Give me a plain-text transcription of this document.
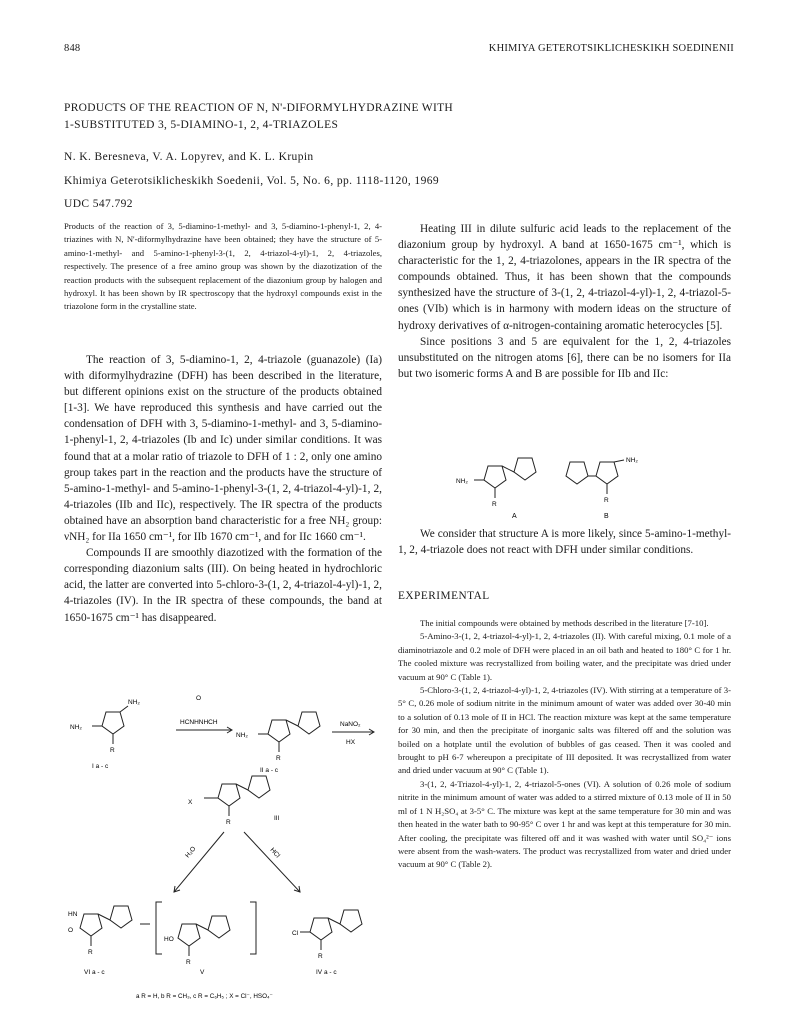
848	KHIMIYA GETEROTSIKLICHESKIKH SOEDINENII
PRODUCTS OF THE REACTION OF N, N'-DIFORMYLHYDRAZINE WITH
1-SUBSTITUTED 3, 5-DIAMINO-1, 2, 4-TRIAZOLES
N. K. Beresneva, V. A. Lopyrev, and K. L. Krupin
Khimiya Geterotsiklicheskikh Soedenii, Vol. 5, No. 6, pp. 1118-1120, 1969
UDC 547.792
Products of the reaction of 3, 5-diamino-1-methyl- and 3, 5-diamino-1-phenyl-1, 2, 4-triazines with N, N'-diformylhydrazine have been obtained; they have the structure of 5-amino-1-methyl- and 5-amino-1-phenyl-3-(1, 2, 4-triazol-4-yl)-1, 2, 4-triazoles, respectively. The presence of a free amino group was shown by the diazotization of the reaction products with the subsequent replacement of the diazonium group by halogen and hydroxyl. It has been shown by IR spectroscopy that the hydroxyl compounds exist in the triazolone form in the crystalline state.

The reaction of 3, 5-diamino-1, 2, 4-triazole (guanazole) (Ia) with diformylhydrazine (DFH) has been described in the literature, but different opinions exist on the structure of the products obtained [1-3]. We have reproduced this synthesis and have carried out the condensation of DFH with 3, 5-diamino-1-methyl- and 3, 5-diamino-1-phenyl-1, 2, 4-triazoles (Ib and Ic) under similar conditions. It was found that at a molar ratio of triazole to DFH of 1 : 2, only one amino group takes part in the reaction and the products have the structure of 5-amino-1-methyl- and 5-amino-1-phenyl-3-(1, 2, 4-triazol-4-yl)-1, 2, 4-triazoles (IIb and IIc), respectively. The IR spectra of the products obtained have an absorption band characteristic for a free NH₂ group: νNH₂ for IIa 1650 cm⁻¹, for IIb 1670 cm⁻¹, and for IIc 1660 cm⁻¹.

Compounds II are smoothly diazotized with the formation of the corresponding diazonium salts (III). On being heated in hydrochloric acid, the latter are converted into 5-chloro-3-(1, 2, 4-triazol-4-yl)-1, 2, 4-triazoles (IV). In the IR spectra of these compounds, the band at 1650-1675 cm⁻¹ has disappeared.

Heating III in dilute sulfuric acid leads to the replacement of the diazonium group by hydroxyl. A band at 1650-1675 cm⁻¹, which is characteristic for the 1, 2, 4-triazolones, appears in the IR spectra of the compounds obtained. Thus, it has been shown that the compounds synthesized have the structure of 3-(1, 2, 4-triazol-4-yl)-1, 2, 4-triazol-5-ones (VIb) which is in harmony with modern ideas on the structure of hydroxy derivatives of α-nitrogen-containing aromatic heterocycles [5].

Since positions 3 and 5 are equivalent for the 1, 2, 4-triazoles unsubstituted on the nitrogen atoms [6], there can be no isomers for IIa but two isomeric forms A and B are possible for IIb and IIc:

NH₂
R
NH₂
R
A	B

We consider that structure A is more likely, since 5-amino-1-methyl-1, 2, 4-triazole does not react with DFH under similar conditions.

EXPERIMENTAL

The initial compounds were obtained by methods described in the literature [7-10].

5-Amino-3-(1, 2, 4-triazol-4-yl)-1, 2, 4-triazoles (II). With careful mixing, 0.1 mole of a diaminotriazole and 0.2 mole of DFH were placed in an oil bath and heated to 180° C for 1 hr. The cooled mixture was recrystallized from boiling water, and the precipitate was dried under vacuum at 90° C (Table 1).

5-Chloro-3-(1, 2, 4-triazol-4-yl)-1, 2, 4-triazoles (IV). With stirring at a temperature of 3-5° C, 0.26 mole of sodium nitrite in the minimum amount of water was added over 30-40 min to a solution of 0.13 mole of II in HCl. The reaction mixture was kept at the same temperature for 30 min, and then the precipitate of inorganic salts was filtered off and the solution was boiled on a hotplate until the evolution of bubbles of gas ceased. Then it was cooled and brought to pH 6-7 whereupon a precipitate of III deposited. It was recrystallized from water and dried under vacuum at 90° C (Table 1).

3-(1, 2, 4-Triazol-4-yl)-1, 2, 4-triazol-5-ones (VI). A solution of 0.26 mole of sodium nitrite in the minimum amount of water was added to a stirred mixture of 0.13 mole of II in 50 ml of 1 N H₂SO₄ at 3-5° C. The mixture was kept at the same temperature for 30 min and was then heated in the water bath to 90-95° C over 1 hr and was kept at this temperature for 30 min. After cooling, the precipitate was filtered off and it was washed with water until SO₄²⁻ ions were absent from the wash-waters. The product was recrystallized from water and dried under vacuum at 90° C (Table 2).

NH₂
NH₂
R
O
HCNHNHCH
NH₂
R
NaNO₂
HX
I a - c
II a - c
X
R
III
H₂O	HCl
HN
O
R
HO
R
Cl
R
VI a - c	V	IV a - c
a R = H, b R = CH₃, c R = C₆H₅ ; X = Cl⁻, HSO₄⁻
